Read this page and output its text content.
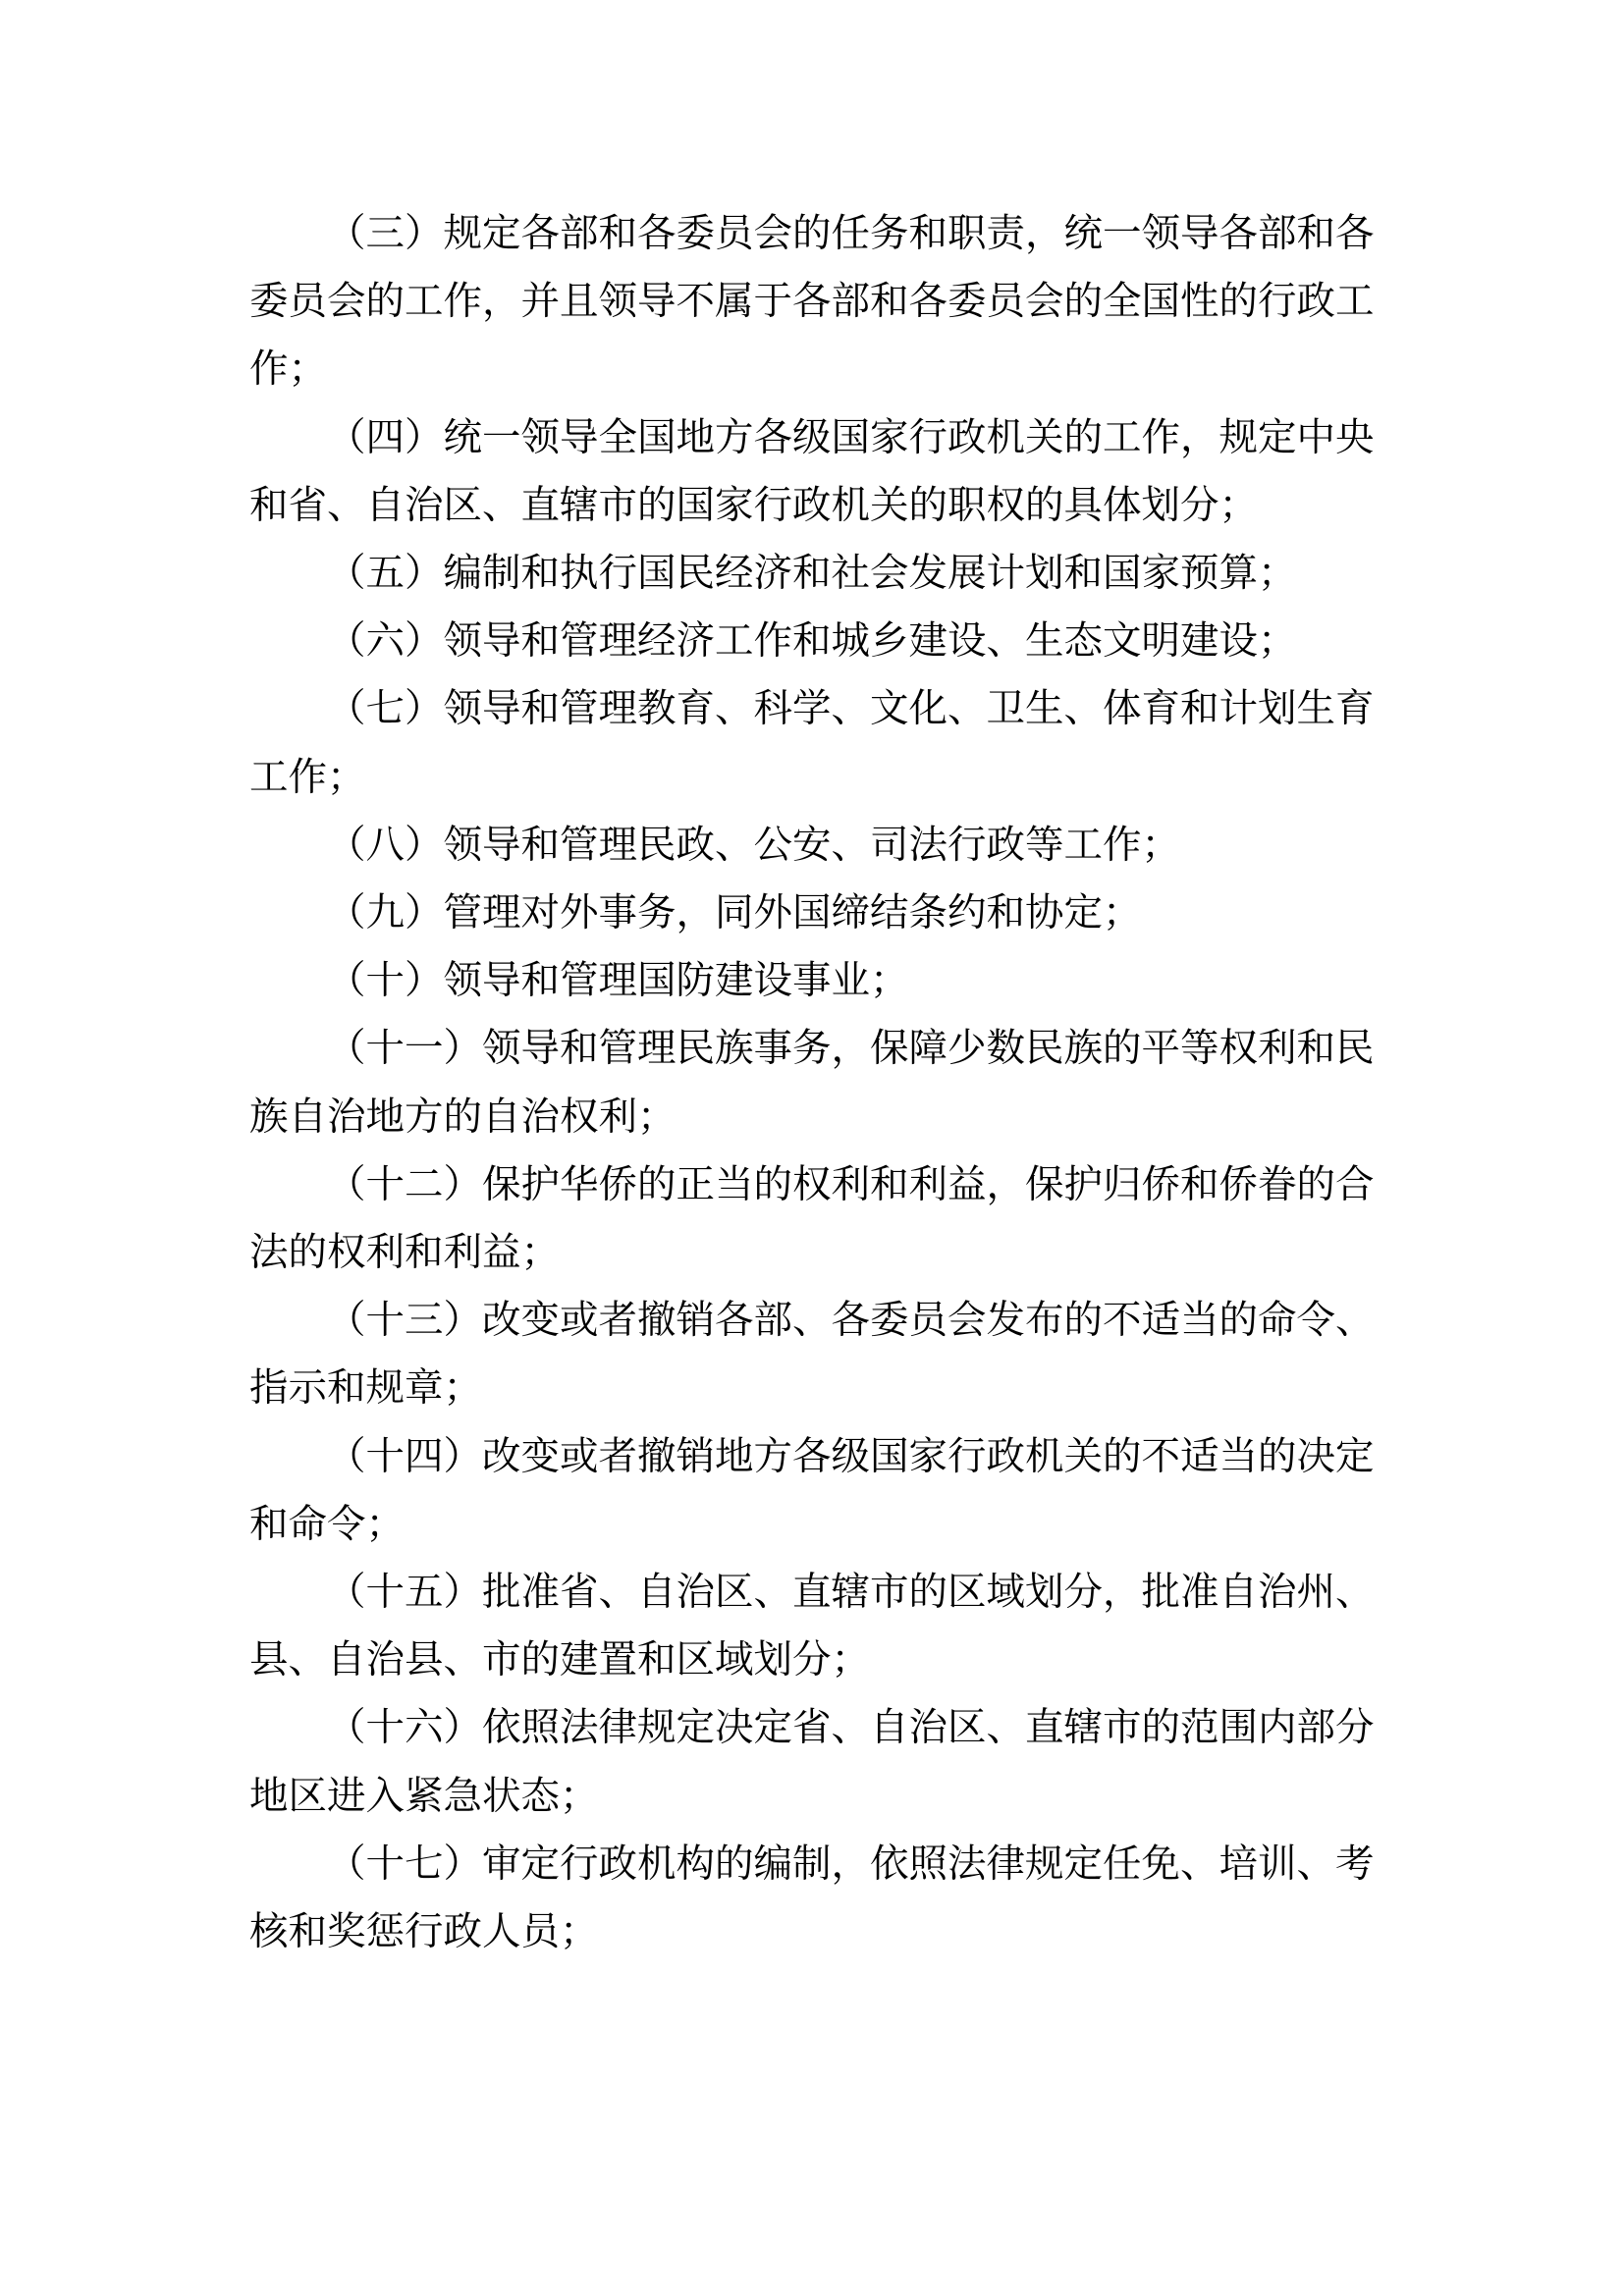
（三）规定各部和各委员会的任务和职责，统一领导各部和各委员会的工作，并且领导不属于各部和各委员会的全国性的行政工作；

（四）统一领导全国地方各级国家行政机关的工作，规定中央和省、自治区、直辖市的国家行政机关的职权的具体划分；

（五）编制和执行国民经济和社会发展计划和国家预算；

（六）领导和管理经济工作和城乡建设、生态文明建设；

（七）领导和管理教育、科学、文化、卫生、体育和计划生育工作；

（八）领导和管理民政、公安、司法行政等工作；

（九）管理对外事务，同外国缔结条约和协定；

（十）领导和管理国防建设事业；

（十一）领导和管理民族事务，保障少数民族的平等权利和民族自治地方的自治权利；

（十二）保护华侨的正当的权利和利益，保护归侨和侨眷的合法的权利和利益；

（十三）改变或者撤销各部、各委员会发布的不适当的命令、指示和规章；

（十四）改变或者撤销地方各级国家行政机关的不适当的决定和命令；

（十五）批准省、自治区、直辖市的区域划分，批准自治州、县、自治县、市的建置和区域划分；

（十六）依照法律规定决定省、自治区、直辖市的范围内部分地区进入紧急状态；

（十七）审定行政机构的编制，依照法律规定任免、培训、考核和奖惩行政人员；
